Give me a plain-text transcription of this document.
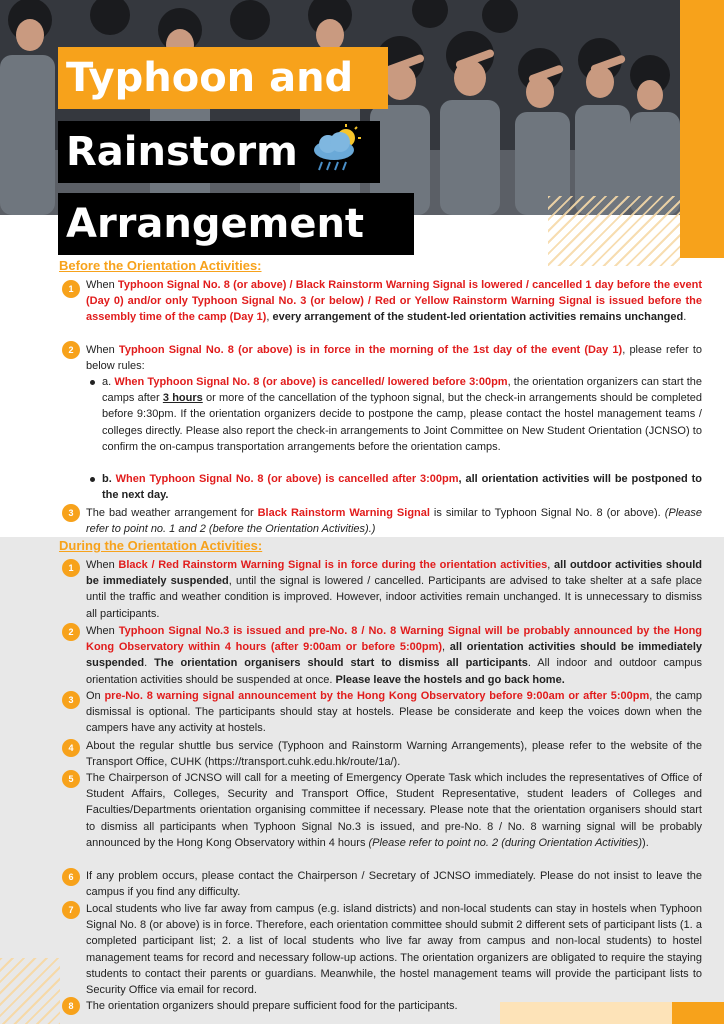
Typhoon and
Rainstorm
Arrangement
Before the Orientation Activities:
1	When Typhoon Signal No. 8 (or above) / Black Rainstorm Warning Signal is lowered / cancelled 1 day before the event (Day 0) and/or only Typhoon Signal No. 3 (or below) / Red or Yellow Rainstorm Warning Signal is issued before the assembly time of the camp (Day 1), every arrangement of the student-led orientation activities remains unchanged.
2	When Typhoon Signal No. 8 (or above) is in force in the morning of the 1st day of the event (Day 1), please refer to below rules:
a. When Typhoon Signal No. 8 (or above) is cancelled/ lowered before 3:00pm, the orientation organizers can start the camps after 3 hours or more of the cancellation of the typhoon signal, but the check-in arrangements should be completed before 9:30pm. If the orientation organizers decide to postpone the camp, please contact the hostel management teams / colleges directly. Please also report the check-in arrangements to Joint Committee on New Student Orientation (JCNSO) to confirm the on-campus transportation arrangements before the orientation camps.
b. When Typhoon Signal No. 8 (or above) is cancelled after 3:00pm, all orientation activities will be postponed to the next day.
3	The bad weather arrangement for Black Rainstorm Warning Signal is similar to Typhoon Signal No. 8 (or above). (Please refer to point no. 1 and 2 (before the Orientation Activities).)
During the Orientation Activities:
1	When Black / Red Rainstorm Warning Signal is in force during the orientation activities, all outdoor activities should be immediately suspended, until the signal is lowered / cancelled. Participants are advised to take shelter at a safe place until the traffic and weather condition is improved. However, indoor activities remain unchanged. It is unnecessary to dismiss all participants.
2	When Typhoon Signal No.3 is issued and pre-No. 8 / No. 8 Warning Signal will be probably announced by the Hong Kong Observatory within 4 hours (after 9:00am or before 5:00pm), all orientation activities should be immediately suspended. The orientation organisers should start to dismiss all participants. All indoor and outdoor campus orientation activities should be suspended at once. Please leave the hostels and go back home.
3	On pre-No. 8 warning signal announcement by the Hong Kong Observatory before 9:00am or after 5:00pm, the camp dismissal is optional. The participants should stay at hostels. Please be considerate and keep the voices down when the campers have any activity at hostels.
4	About the regular shuttle bus service (Typhoon and Rainstorm Warning Arrangements), please refer to the website of the Transport Office, CUHK (https://transport.cuhk.edu.hk/route/1a/).
5	The Chairperson of JCNSO will call for a meeting of Emergency Operate Task which includes the representatives of Office of Student Affairs, Colleges, Security and Transport Office, Student Representative, student leaders of Colleges and Faculties/Departments orientation organising committee if necessary. Please note that the orientation organisers should start to dismiss all participants when Typhoon Signal No.3 is issued, and pre-No. 8 / No. 8 warning signal will be probably announced by the Hong Kong Observatory within 4 hours (Please refer to point no. 2 (during Orientation Activities)).
6	If any problem occurs, please contact the Chairperson / Secretary of JCNSO immediately. Please do not insist to leave the campus if you find any difficulty.
7	Local students who live far away from campus (e.g. island districts) and non-local students can stay in hostels when Typhoon Signal No. 8 (or above) is in force. Therefore, each orientation committee should submit 2 different sets of participant lists (1. a completed participant list; 2. a list of local students who live far away from campus and non-local students) to hostel management teams for record and necessary follow-up actions. The orientation organizers are obligated to require the staying students to contact their parents or guardians. Meanwhile, the hostel management teams will provide the participant lists to Security Office via email for record.
8	The orientation organizers should prepare sufficient food for the participants.
